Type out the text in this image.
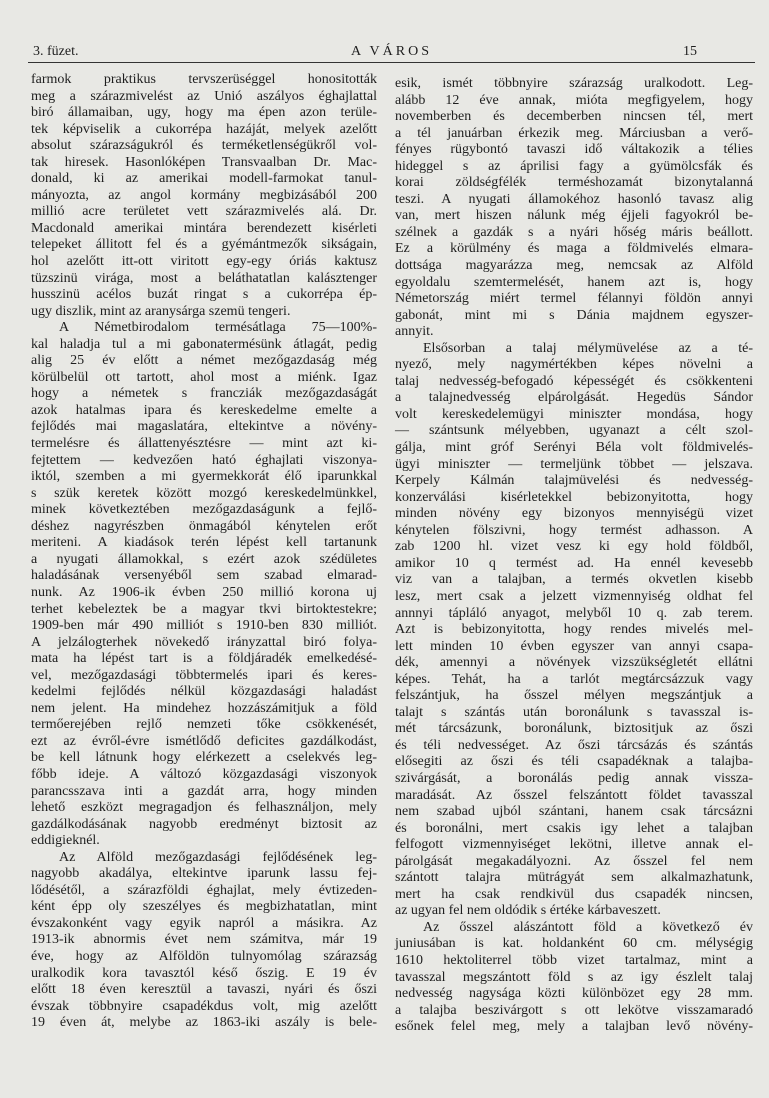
3. füzet.	A VÁROS	15
farmok praktikus tervszerüséggel honositották
meg a szárazmivelést az Unió aszályos éghajlattal
biró államaiban, ugy, hogy ma épen azon terüle-
tek képviselik a cukorrépa hazáját, melyek azelőtt
absolut szárazságukról és terméketlenségükről vol-
tak hiresek. Hasonlóképen Transvaalban Dr. Mac-
donald, ki az amerikai modell-farmokat tanul-
mányozta, az angol kormány megbizásából 200
millió acre területet vett szárazmivelés alá. Dr.
Macdonald amerikai mintára berendezett kisérleti
telepeket állitott fel és a gyémántmezők sikságain,
hol azelőtt itt-ott viritott egy-egy óriás kaktusz
tüzszinü virága, most a beláthatatlan kalásztenger
husszinü acélos buzát ringat s a cukorrépa ép-
ugy diszlik, mint az aranysárga szemü tengeri.
A Németbirodalom termésátlaga 75—100%-
kal haladja tul a mi gabonatermésünk átlagát, pedig
alig 25 év előtt a német mezőgazdaság még
körülbelül ott tartott, ahol most a miénk. Igaz
hogy a németek s francziák mezőgazdaságát
azok hatalmas ipara és kereskedelme emelte a
fejlődés mai magaslatára, eltekintve a növény-
termelésre és állattenyésztésre — mint azt ki-
fejtettem — kedvezően ható éghajlati viszonya-
iktól, szemben a mi gyermekkorát élő iparunkkal
s szük keretek között mozgó kereskedelmünkkel,
minek következtében mezőgazdaságunk a fejlő-
déshez nagyrészben önmagából kénytelen erőt
meriteni. A kiadások terén lépést kell tartanunk
a nyugati államokkal, s ezért azok szédületes
haladásának versenyéből sem szabad elmarad-
nunk. Az 1906-ik évben 250 millió korona uj
terhet kebeleztek be a magyar tkvi birtoktestekre;
1909-ben már 490 milliót s 1910-ben 830 milliót.
A jelzálogterhek növekedő irányzattal biró folya-
mata ha lépést tart is a földjáradék emelkedésé-
vel, mezőgazdasági többtermelés ipari és keres-
kedelmi fejlődés nélkül közgazdasági haladást
nem jelent. Ha mindehez hozzászámitjuk a föld
termőerejében rejlő nemzeti tőke csökkenését,
ezt az évről-évre ismétlődő deficites gazdálkodást,
be kell látnunk hogy elérkezett a cselekvés leg-
főbb ideje. A változó közgazdasági viszonyok
parancsszava inti a gazdát arra, hogy minden
lehető eszközt megragadjon és felhasználjon, mely
gazdálkodásának nagyobb eredményt biztosit az
eddigieknél.
Az Alföld mezőgazdasági fejlődésének leg-
nagyobb akadálya, eltekintve iparunk lassu fej-
lődésétől, a szárazföldi éghajlat, mely évtizeden-
ként épp oly szeszélyes és megbizhatatlan, mint
évszakonként vagy egyik napról a másikra. Az
1913-ik abnormis évet nem számitva, már 19
éve, hogy az Alföldön tulnyomólag szárazság
uralkodik kora tavasztól késő őszig. E 19 év
előtt 18 éven keresztül a tavaszi, nyári és őszi
évszak többnyire csapadékdus volt, mig azelőtt
19 éven át, melybe az 1863-iki aszály is bele-
esik, ismét többnyire szárazság uralkodott. Leg-
alább 12 éve annak, mióta megfigyelem, hogy
novemberben és decemberben nincsen tél, mert
a tél januárban érkezik meg. Márciusban a verő-
fényes rügybontó tavaszi idő váltakozik a télies
hideggel s az áprilisi fagy a gyümölcsfák és
korai zöldségfélék terméshozamát bizonytalanná
teszi. A nyugati államokéhoz hasonló tavasz alig
van, mert hiszen nálunk még éjjeli fagyokról be-
szélnek a gazdák s a nyári hőség máris beállott.
Ez a körülmény és maga a földmivelés elmara-
dottsága magyarázza meg, nemcsak az Alföld
egyoldalu szemtermelését, hanem azt is, hogy
Németország miért termel félannyi földön annyi
gabonát, mint mi s Dánia majdnem egyszer-
annyit.
Elsősorban a talaj mélymüvelése az a té-
nyező, mely nagymértékben képes növelni a
talaj nedvesség-befogadó képességét és csökkenteni
a talajnedvesség elpárolgását. Hegedüs Sándor
volt kereskedelemügyi miniszter mondása, hogy
— szántsunk mélyebben, ugyanazt a célt szol-
gálja, mint gróf Serényi Béla volt földmivelés-
ügyi miniszter — termeljünk többet — jelszava.
Kerpely Kálmán talajmüvelési és nedvesség-
konzerválási kisérletekkel bebizonyitotta, hogy
minden növény egy bizonyos mennyiségü vizet
kénytelen fölszivni, hogy termést adhasson. A
zab 1200 hl. vizet vesz ki egy hold földből,
amikor 10 q termést ad. Ha ennél kevesebb
viz van a talajban, a termés okvetlen kisebb
lesz, mert csak a jelzett vizmennyiség oldhat fel
annnyi tápláló anyagot, melyből 10 q. zab terem.
Azt is bebizonyitotta, hogy rendes mivelés mel-
lett minden 10 évben egyszer van annyi csapa-
dék, amennyi a növények vizszükségletét ellátni
képes. Tehát, ha a tarlót megtárcsázzuk vagy
felszántjuk, ha ősszel mélyen megszántjuk a
talajt s szántás után boronálunk s tavasszal is-
mét tárcsázunk, boronálunk, biztositjuk az őszi
és téli nedvességet. Az őszi tárcsázás és szántás
elősegiti az őszi és téli csapadéknak a talajba-
szivárgását, a boronálás pedig annak vissza-
maradását. Az ősszel felszántott földet tavasszal
nem szabad ujból szántani, hanem csak tárcsázni
és boronálni, mert csakis igy lehet a talajban
felfogott vizmennyiséget lekötni, illetve annak el-
párolgását megakadályozni. Az ősszel fel nem
szántott talajra mütrágyát sem alkalmazhatunk,
mert ha csak rendkivül dus csapadék nincsen,
az ugyan fel nem oldódik s értéke kárbaveszett.
Az ősszel alászántott föld a következő év
juniusában is kat. holdanként 60 cm. mélységig
1610 hektoliterrel több vizet tartalmaz, mint a
tavasszal megszántott föld s az igy észlelt talaj
nedvesség nagysága közti különbözet egy 28 mm.
a talajba beszivárgott s ott lekötve visszamaradó
esőnek felel meg, mely a talajban levő növény-
